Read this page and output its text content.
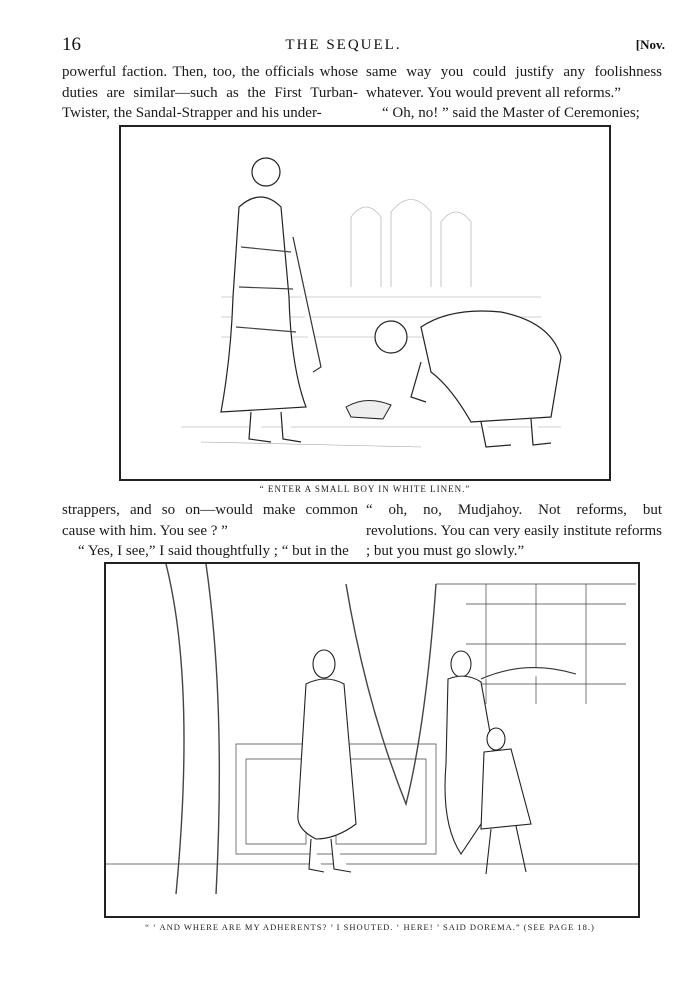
16	THE SEQUEL.	[Nov.

powerful faction. Then, too, the officials whose duties are similar—such as the First Turban-Twister, the Sandal-Strapper and his under-

same way you could justify any foolishness whatever. You would prevent all reforms.”

“ Oh, no! ” said the Master of Ceremonies;

“ ENTER A SMALL BOY IN WHITE LINEN.”

strappers, and so on—would make common cause with him. You see ? ”

“ Yes, I see,” I said thoughtfully ; “ but in the

“ oh, no, Mudjahoy. Not reforms, but revolutions. You can very easily institute reforms ; but you must go slowly.”

“ ‘ AND WHERE ARE MY ADHERENTS? ’ I SHOUTED. ‘ HERE! ’ SAID DOREMA.” (SEE PAGE 18.)
